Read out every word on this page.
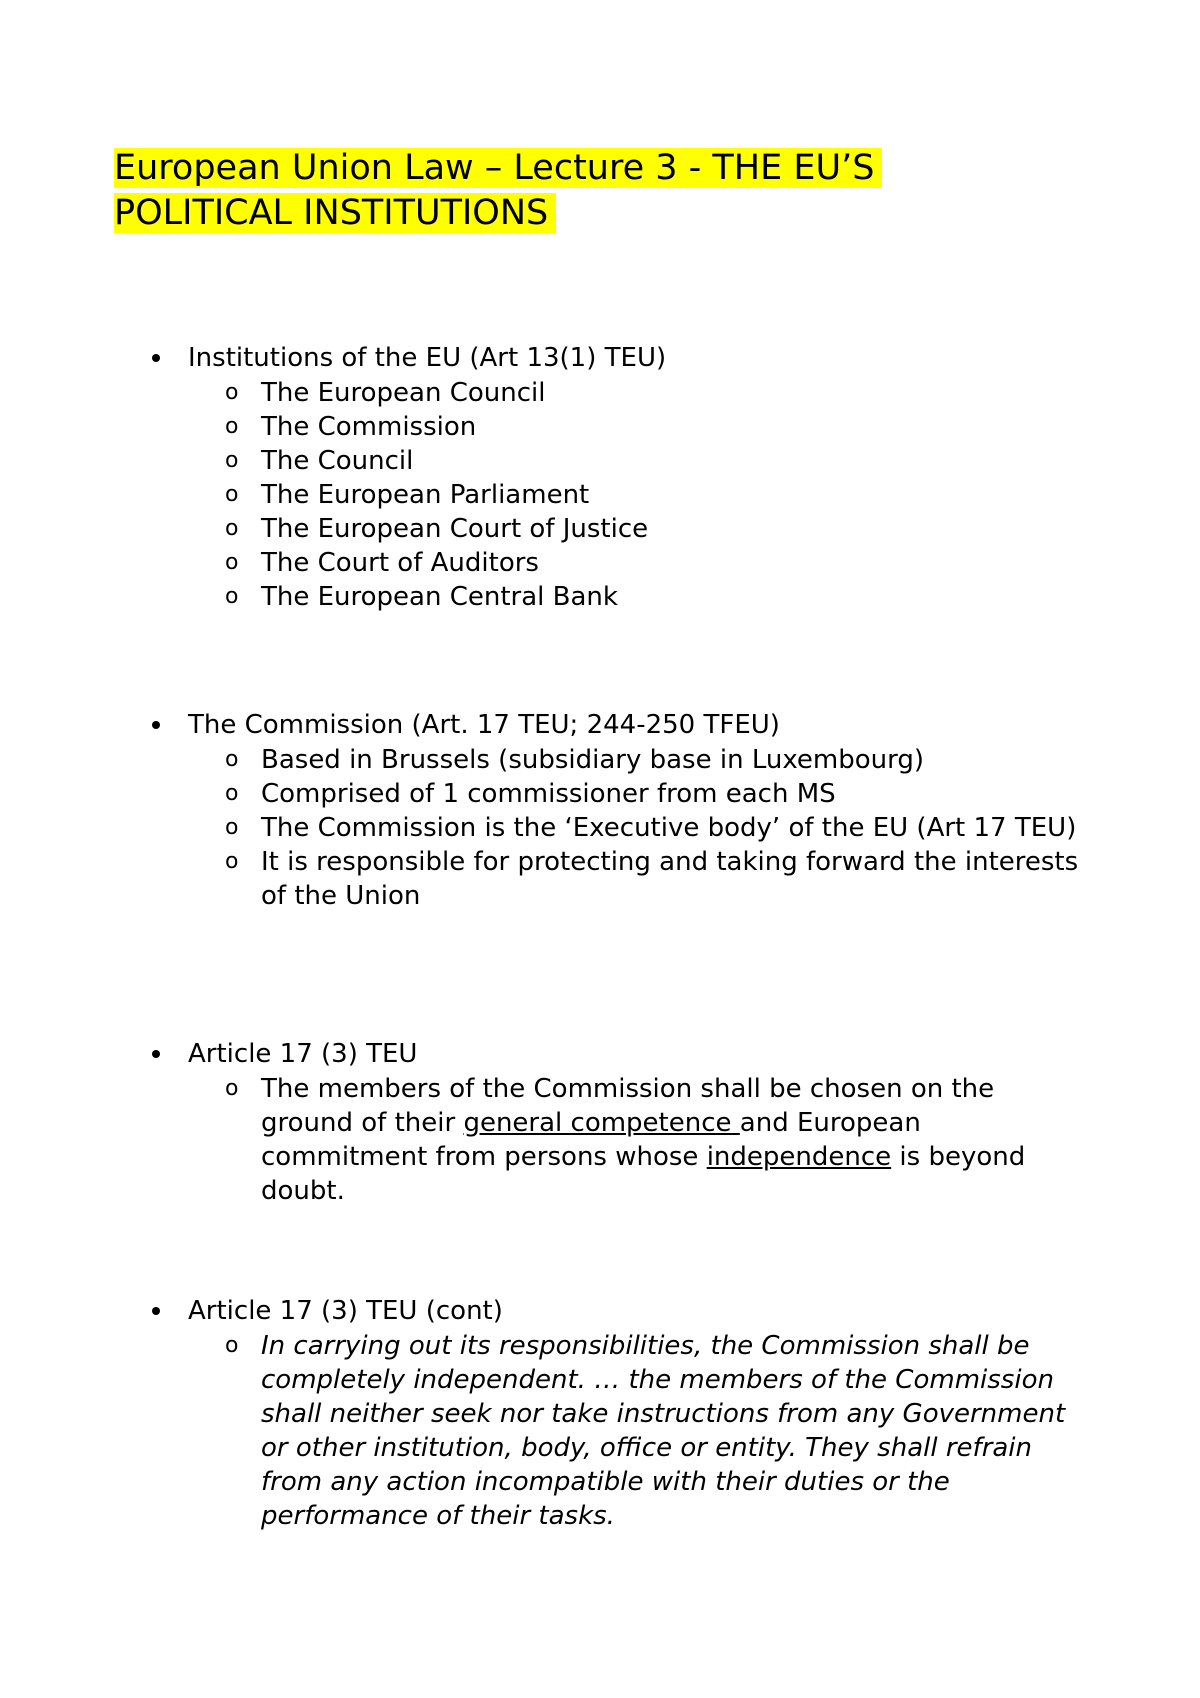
European Union Law – Lecture 3 - THE EU’S
POLITICAL INSTITUTIONS
Institutions of the EU (Art 13(1) TEU)
o The European Council
o The Commission
o The Council
o The European Parliament
o The European Court of Justice
o The Court of Auditors
o The European Central Bank
The Commission (Art. 17 TEU; 244-250 TFEU)
o Based in Brussels (subsidiary base in Luxembourg)
o Comprised of 1 commissioner from each MS
o The Commission is the ‘Executive body’ of the EU (Art 17 TEU)
o It is responsible for protecting and taking forward the interests of the Union
Article 17 (3) TEU
o The members of the Commission shall be chosen on the ground of their general competence and European commitment from persons whose independence is beyond doubt.
Article 17 (3) TEU (cont)
o In carrying out its responsibilities, the Commission shall be completely independent. … the members of the Commission shall neither seek nor take instructions from any Government or other institution, body, office or entity. They shall refrain from any action incompatible with their duties or the performance of their tasks.
